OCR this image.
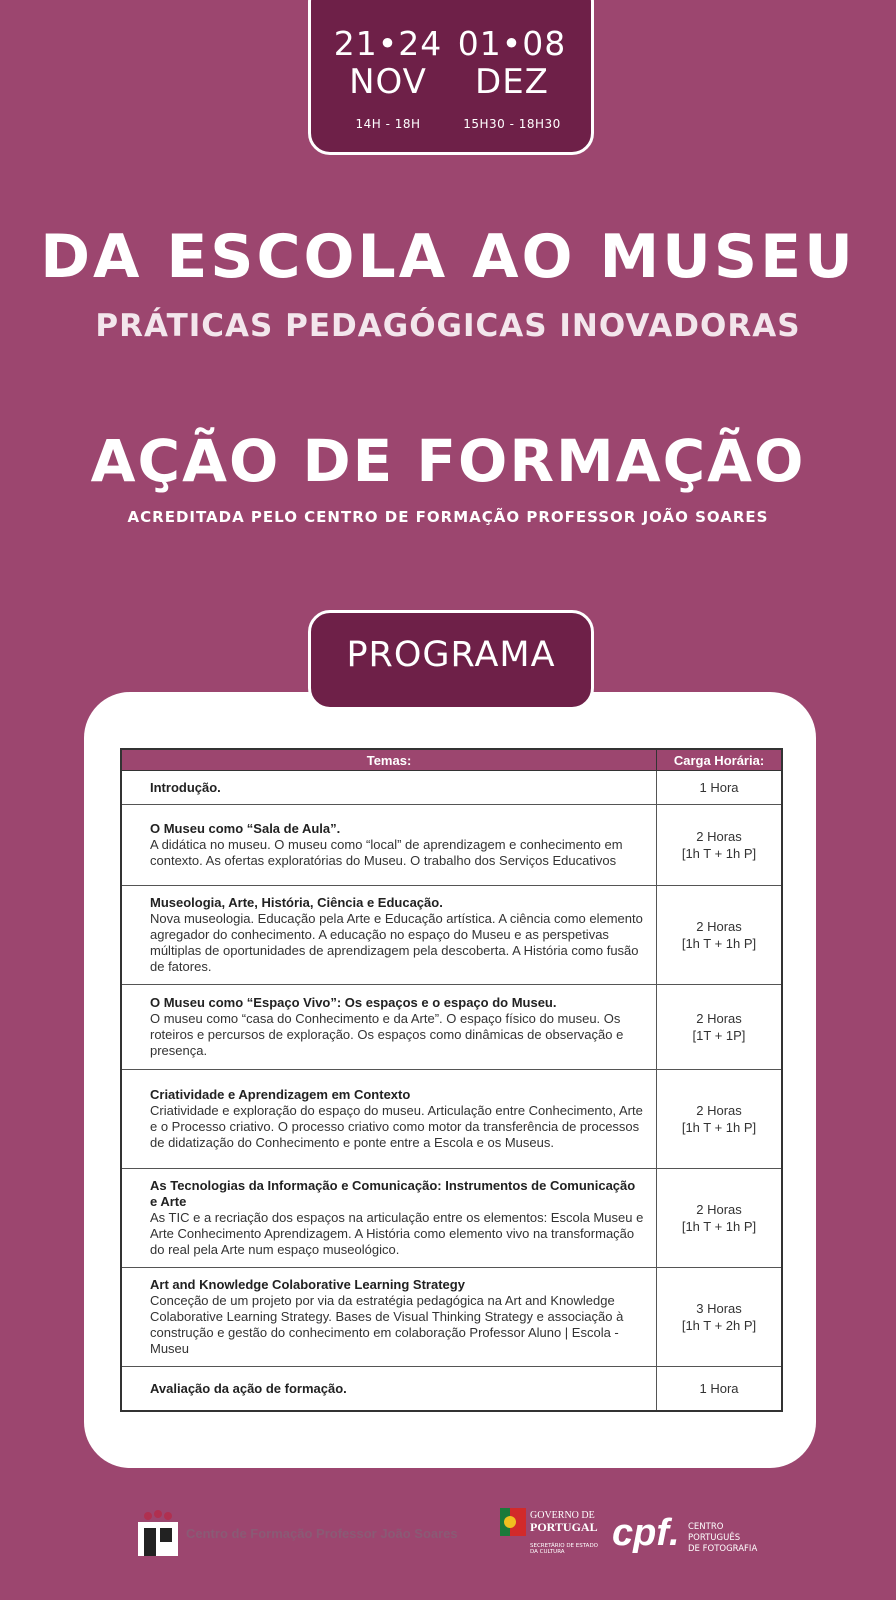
21•24
NOV
14H - 18H
01•08
DEZ
15H30 - 18H30
DA ESCOLA AO MUSEU
PRÁTICAS PEDAGÓGICAS INOVADORAS
AÇÃO DE FORMAÇÃO
ACREDITADA PELO CENTRO DE FORMAÇÃO PROFESSOR JOÃO SOARES
PROGRAMA
Temas:	Carga Horária:

Introdução.	1 Hora

O Museu como “Sala de Aula”.
A didática no museu. O museu como “local” de aprendizagem e conhecimento em contexto. As ofertas exploratórias do Museu. O trabalho dos Serviços Educativos	2 Horas
[1h T + 1h P]

Museologia, Arte, História, Ciência e Educação.
Nova museologia. Educação pela Arte e Educação artística. A ciência como elemento agregador do conhecimento. A educação no espaço do Museu e as perspetivas múltiplas de oportunidades de aprendizagem pela descoberta. A História como fusão de fatores.	2 Horas
[1h T + 1h P]

O Museu como “Espaço Vivo”: Os espaços e o espaço do Museu.
O museu como “casa do Conhecimento e da Arte”. O espaço físico do museu. Os roteiros e percursos de exploração. Os espaços como dinâmicas de observação e presença.	2 Horas
[1T + 1P]

Criatividade e Aprendizagem em Contexto
Criatividade e exploração do espaço do museu. Articulação entre Conhecimento, Arte e o Processo criativo. O processo criativo como motor da transferência de processos de didatização do Conhecimento e ponte entre a Escola e os Museus.	2 Horas
[1h T + 1h P]

As Tecnologias da Informação e Comunicação: Instrumentos de Comunicação e Arte
As TIC e a recriação dos espaços na articulação entre os elementos: Escola Museu e Arte Conhecimento Aprendizagem. A História como elemento vivo na transformação do real pela Arte num espaço museológico.	2 Horas
[1h T + 1h P]

Art and Knowledge Colaborative Learning Strategy
Conceção de um projeto por via da estratégia pedagógica na Art and Knowledge Colaborative Learning Strategy. Bases de Visual Thinking Strategy e associação à construção e gestão do conhecimento em colaboração Professor Aluno | Escola - Museu	3 Horas
[1h T + 2h P]

Avaliação da ação de formação.	1 Hora
Centro de Formação Professor João Soares
GOVERNO DE
PORTUGAL
SECRETÁRIO DE ESTADO DA CULTURA	cpf. CENTRO
PORTUGUÊS
DE FOTOGRAFIA
